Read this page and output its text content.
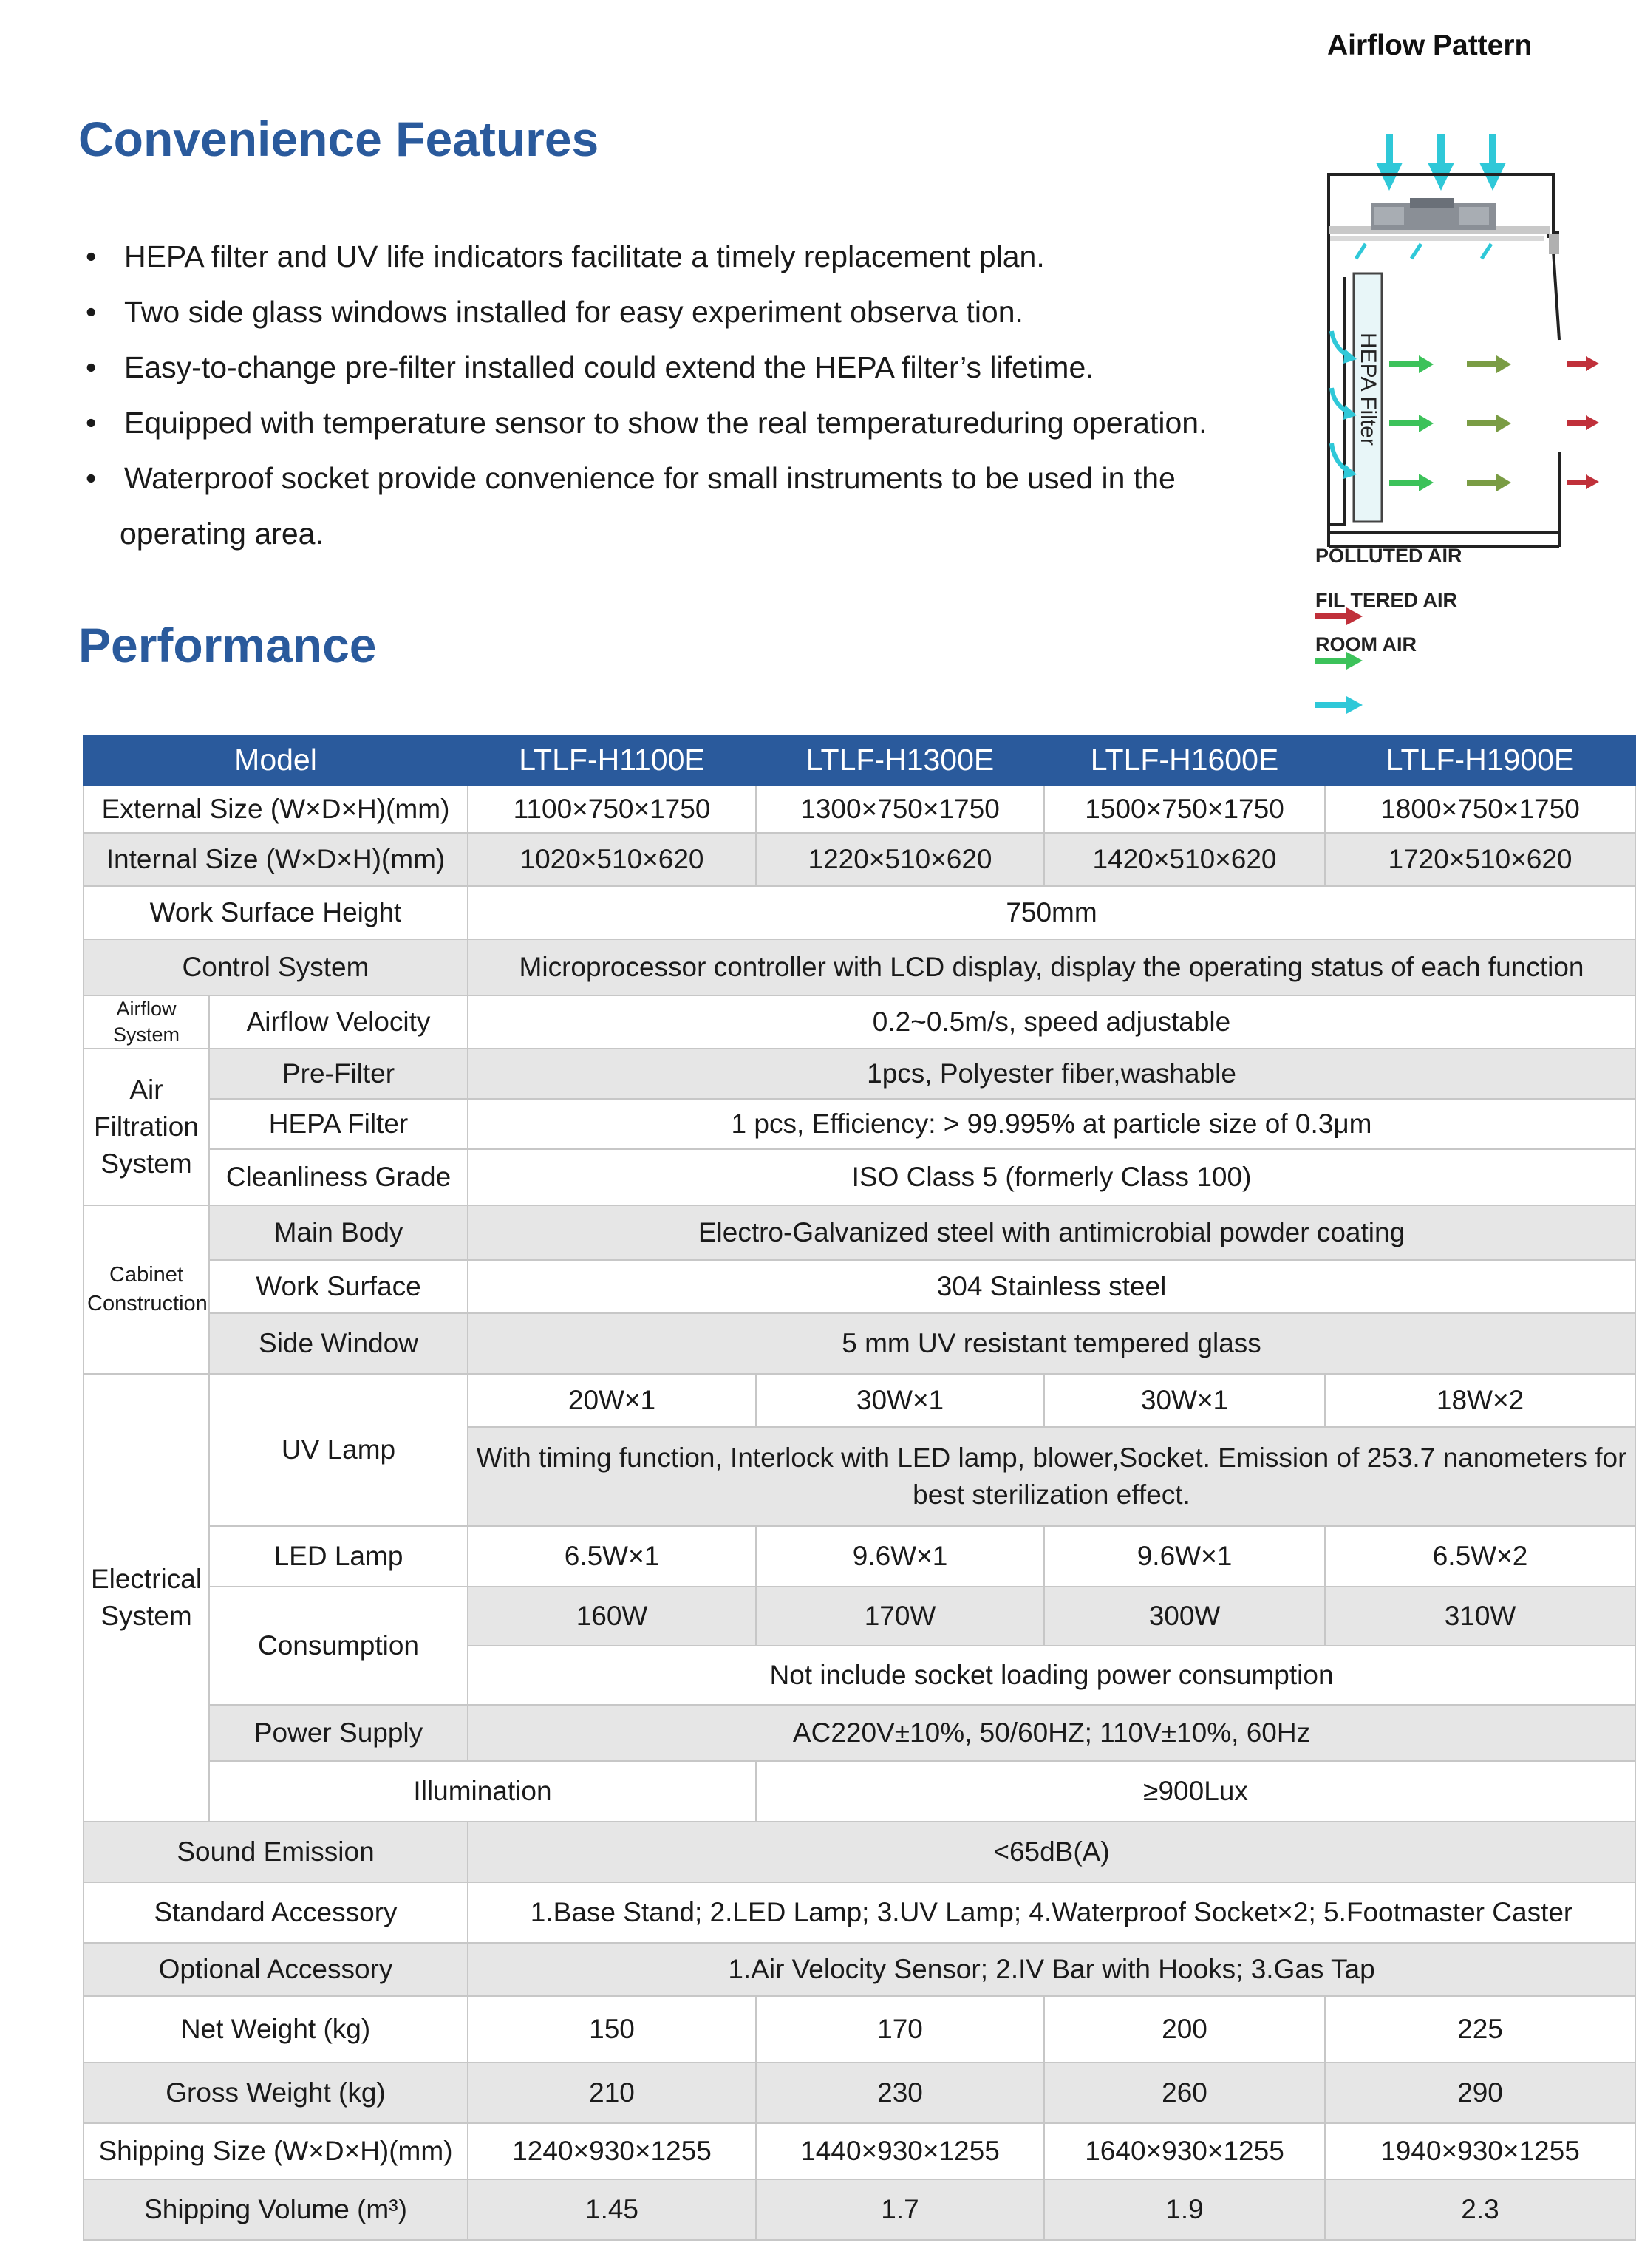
Convenience Features
• HEPA filter and UV life indicators facilitate a timely replacement plan.
• Two side glass windows installed for easy experiment observa tion.
• Easy-to-change pre-filter installed could extend the HEPA filter’s lifetime.
• Equipped with temperature sensor to show the real temperatureduring operation.
• Waterproof socket provide convenience for small instruments to be used in the
operating area.
Airflow Pattern
HEPA Filter
POLLUTED AIR
FIL TERED AIR
ROOM AIR
Performance
Model		LTLF-H1100E	LTLF-H1300E	LTLF-H1600E	LTLF-H1900E
External Size (W×D×H)(mm)		1100×750×1750	1300×750×1750	1500×750×1750	1800×750×1750
Internal Size (W×D×H)(mm)		1020×510×620	1220×510×620	1420×510×620	1720×510×620
Work Surface Height		750mm			
Control System		Microprocessor controller with LCD display, display the operating status of each function			
Airflow System	Airflow Velocity	0.2~0.5m/s, speed adjustable			
Air Filtration System	Pre-Filter	1pcs, Polyester fiber,washable			
	HEPA Filter	1 pcs, Efficiency: > 99.995% at particle size of 0.3μm			
	Cleanliness Grade	ISO Class 5 (formerly Class 100)			
Cabinet Construction	Main Body	Electro-Galvanized steel with antimicrobial powder coating			
	Work Surface	304 Stainless steel			
	Side Window	5 mm UV resistant tempered glass			
Electrical System	UV Lamp	20W×1	30W×1	30W×1	18W×2
		With timing function, Interlock with LED lamp, blower,Socket. Emission of 253.7 nanometers for best sterilization effect.			
	LED Lamp	6.5W×1	9.6W×1	9.6W×1	6.5W×2
	Consumption	160W	170W	300W	310W
		Not include socket loading power consumption			
	Power Supply	AC220V±10%, 50/60HZ; 110V±10%, 60Hz			
	Illumination		≥900Lux		
Sound Emission		<65dB(A)			
Standard Accessory		1.Base Stand; 2.LED Lamp; 3.UV Lamp; 4.Waterproof Socket×2; 5.Footmaster Caster			
Optional Accessory		1.Air Velocity Sensor; 2.IV Bar with Hooks; 3.Gas Tap			
Net Weight (kg)		150	170	200	225
Gross Weight (kg)		210	230	260	290
Shipping Size (W×D×H)(mm)		1240×930×1255	1440×930×1255	1640×930×1255	1940×930×1255
Shipping Volume (m³)		1.45	1.7	1.9	2.3
